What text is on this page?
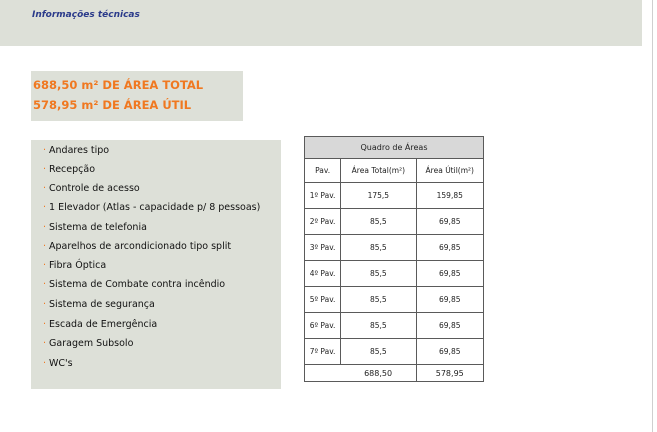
Informações técnicas
688,50 m² DE ÁREA TOTAL
578,95 m² DE ÁREA ÚTIL
· Andares tipo
· Recepção
· Controle de acesso
· 1 Elevador (Atlas - capacidade p/ 8 pessoas)
· Sistema de telefonia
· Aparelhos de arcondicionado tipo split
· Fibra Óptica
· Sistema de Combate contra incêndio
· Sistema de segurança
· Escada de Emergência
· Garagem Subsolo
· WC's
Quadro de Áreas		
Pav.	Área Total(m²)	Área Útil(m²)
1º Pav.	175,5	159,85
2º Pav.	85,5	69,85
3º Pav.	85,5	69,85
4º Pav.	85,5	69,85
5º Pav.	85,5	69,85
6º Pav.	85,5	69,85
7º Pav.	85,5	69,85
	688,50	578,95
